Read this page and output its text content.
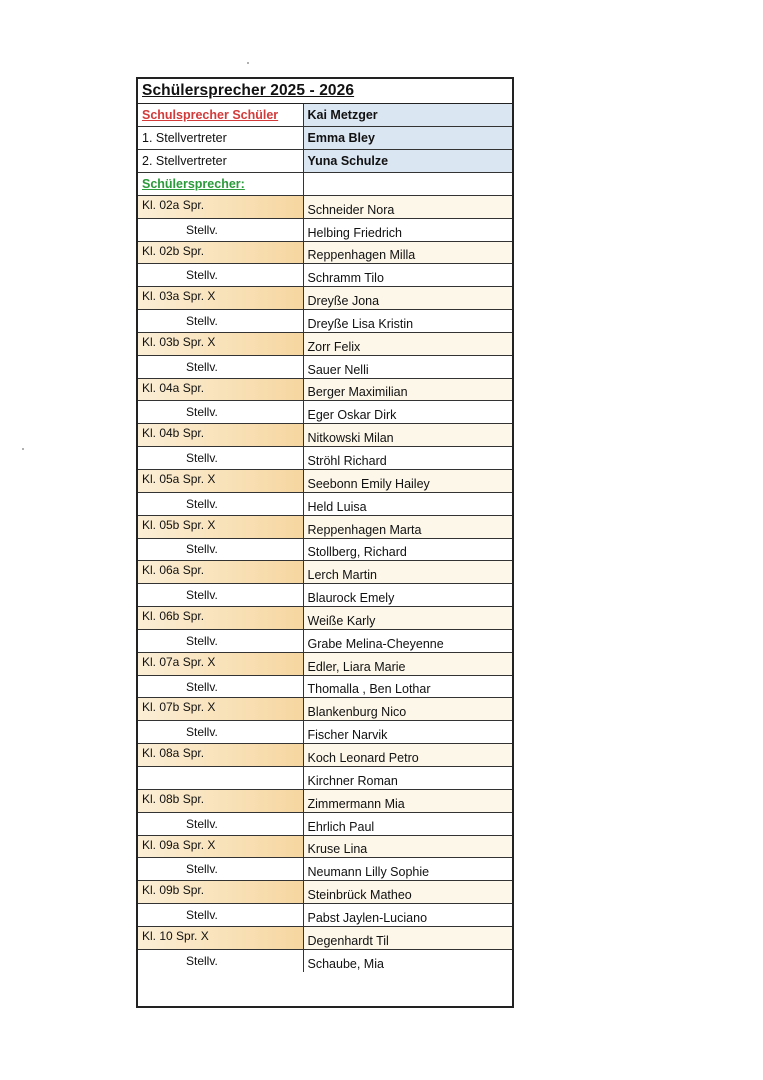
Schülersprecher 2025 - 2026
Schulsprecher Schüler	Kai Metzger
1. Stellvertreter	Emma Bley
2. Stellvertreter	Yuna Schulze
Schülersprecher:	
Kl. 02a Spr.	Schneider Nora
Stellv.	Helbing Friedrich
Kl. 02b Spr.	Reppenhagen Milla
Stellv.	Schramm Tilo
Kl. 03a Spr. X	Dreyße Jona
Stellv.	Dreyße Lisa Kristin
Kl. 03b Spr. X	Zorr Felix
Stellv.	Sauer Nelli
Kl. 04a Spr.	Berger Maximilian
Stellv.	Eger Oskar Dirk
Kl. 04b Spr.	Nitkowski Milan
Stellv.	Ströhl Richard
Kl. 05a Spr. X	Seebonn Emily Hailey
Stellv.	Held Luisa
Kl. 05b Spr. X	Reppenhagen Marta
Stellv.	Stollberg, Richard
Kl. 06a Spr.	Lerch Martin
Stellv.	Blaurock Emely
Kl. 06b Spr.	Weiße Karly
Stellv.	Grabe Melina-Cheyenne
Kl. 07a Spr. X	Edler, Liara Marie
Stellv.	Thomalla , Ben Lothar
Kl. 07b Spr. X	Blankenburg Nico
Stellv.	Fischer Narvik
Kl. 08a Spr.	Koch Leonard Petro
	Kirchner Roman
Kl. 08b Spr.	Zimmermann Mia
Stellv.	Ehrlich Paul
Kl. 09a Spr. X	Kruse Lina
Stellv.	Neumann Lilly Sophie
Kl. 09b Spr.	Steinbrück Matheo
Stellv.	Pabst Jaylen-Luciano
Kl. 10 Spr. X	Degenhardt Til
Stellv.	Schaube, Mia
